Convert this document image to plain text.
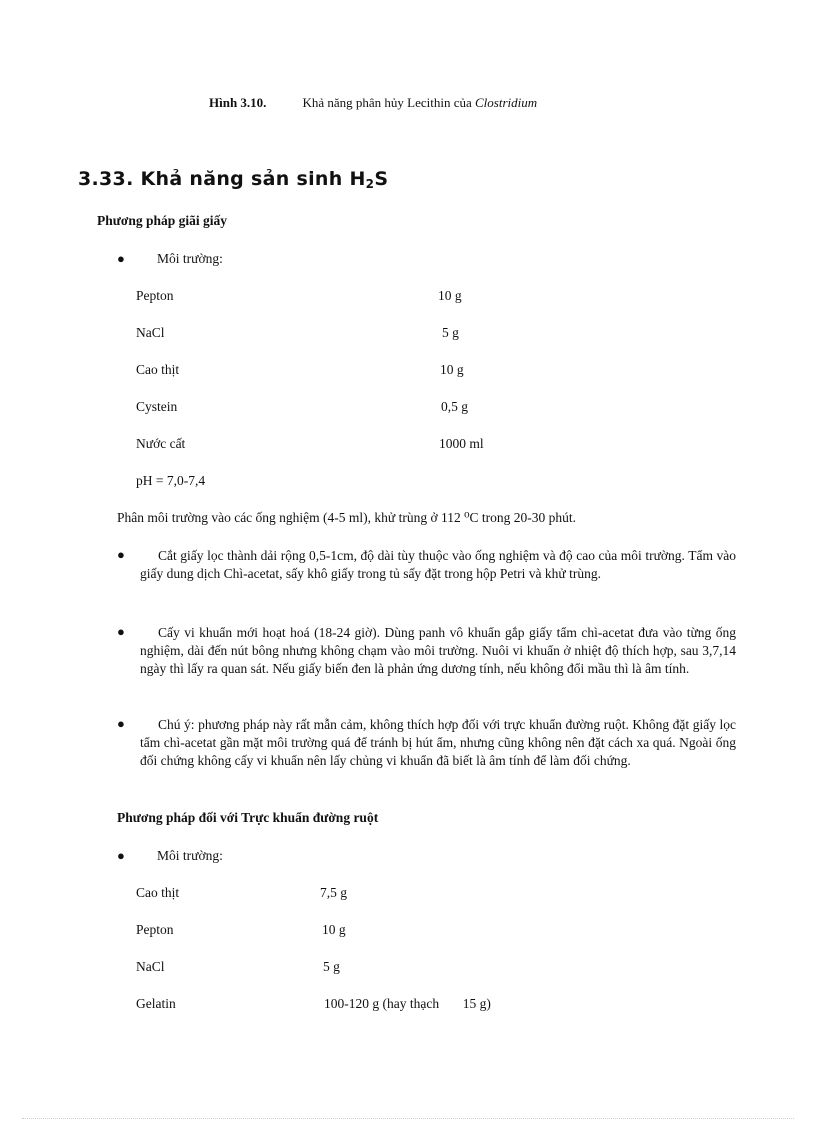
Hình 3.10.	Khả năng phân hủy Lecithin của Clostridium
3.33. Khả năng sản $\sinh H_2S$
Phương pháp giãi giấy
● Môi trường:
Pepton	10 g
NaCl	5 g
Cao thịt	10 g
Cystein	0,5 g
Nước cất	1000 ml
pH = 7,0-7,4
Phân môi trường vào các ống nghiệm (4-5 ml), khử trùng ở 112 ⁰C trong 20-30 phút.
●	Cắt giấy lọc thành dải rộng 0,5-1cm, độ dài tùy thuộc vào ống nghiệm và độ cao của môi trường. Tẩm vào giấy dung dịch Chì-acetat, sấy khô giấy trong tủ sấy đặt trong hộp Petri và khử trùng.
●	Cấy vi khuẩn mới hoạt hoá (18-24 giờ). Dùng panh vô khuẩn gắp giấy tẩm chì-acetat đưa vào từng ống nghiệm, dài đến nút bông nhưng không chạm vào môi trường. Nuôi vi khuẩn ở nhiệt độ thích hợp, sau 3,7,14 ngày thì lấy ra quan sát. Nếu giấy biến đen là phản ứng dương tính, nếu không đổi mầu thì là âm tính.
●	Chú ý: phương pháp này rất mẫn cảm, không thích hợp đối với trực khuẩn đường ruột. Không đặt giấy lọc tẩm chì-acetat gần mặt môi trường quá để tránh bị hút ẩm, nhưng cũng không nên đặt cách xa quá. Ngoài ống đối chứng không cấy vi khuẩn nên lấy chủng vi khuẩn đã biết là âm tính để làm đối chứng.
Phương pháp đối với Trực khuẩn đường ruột
● Môi trường:
Cao thịt	7,5 g
Pepton	10 g
NaCl	5 g
Gelatin	100-120 g (hay thạch       15 g)
